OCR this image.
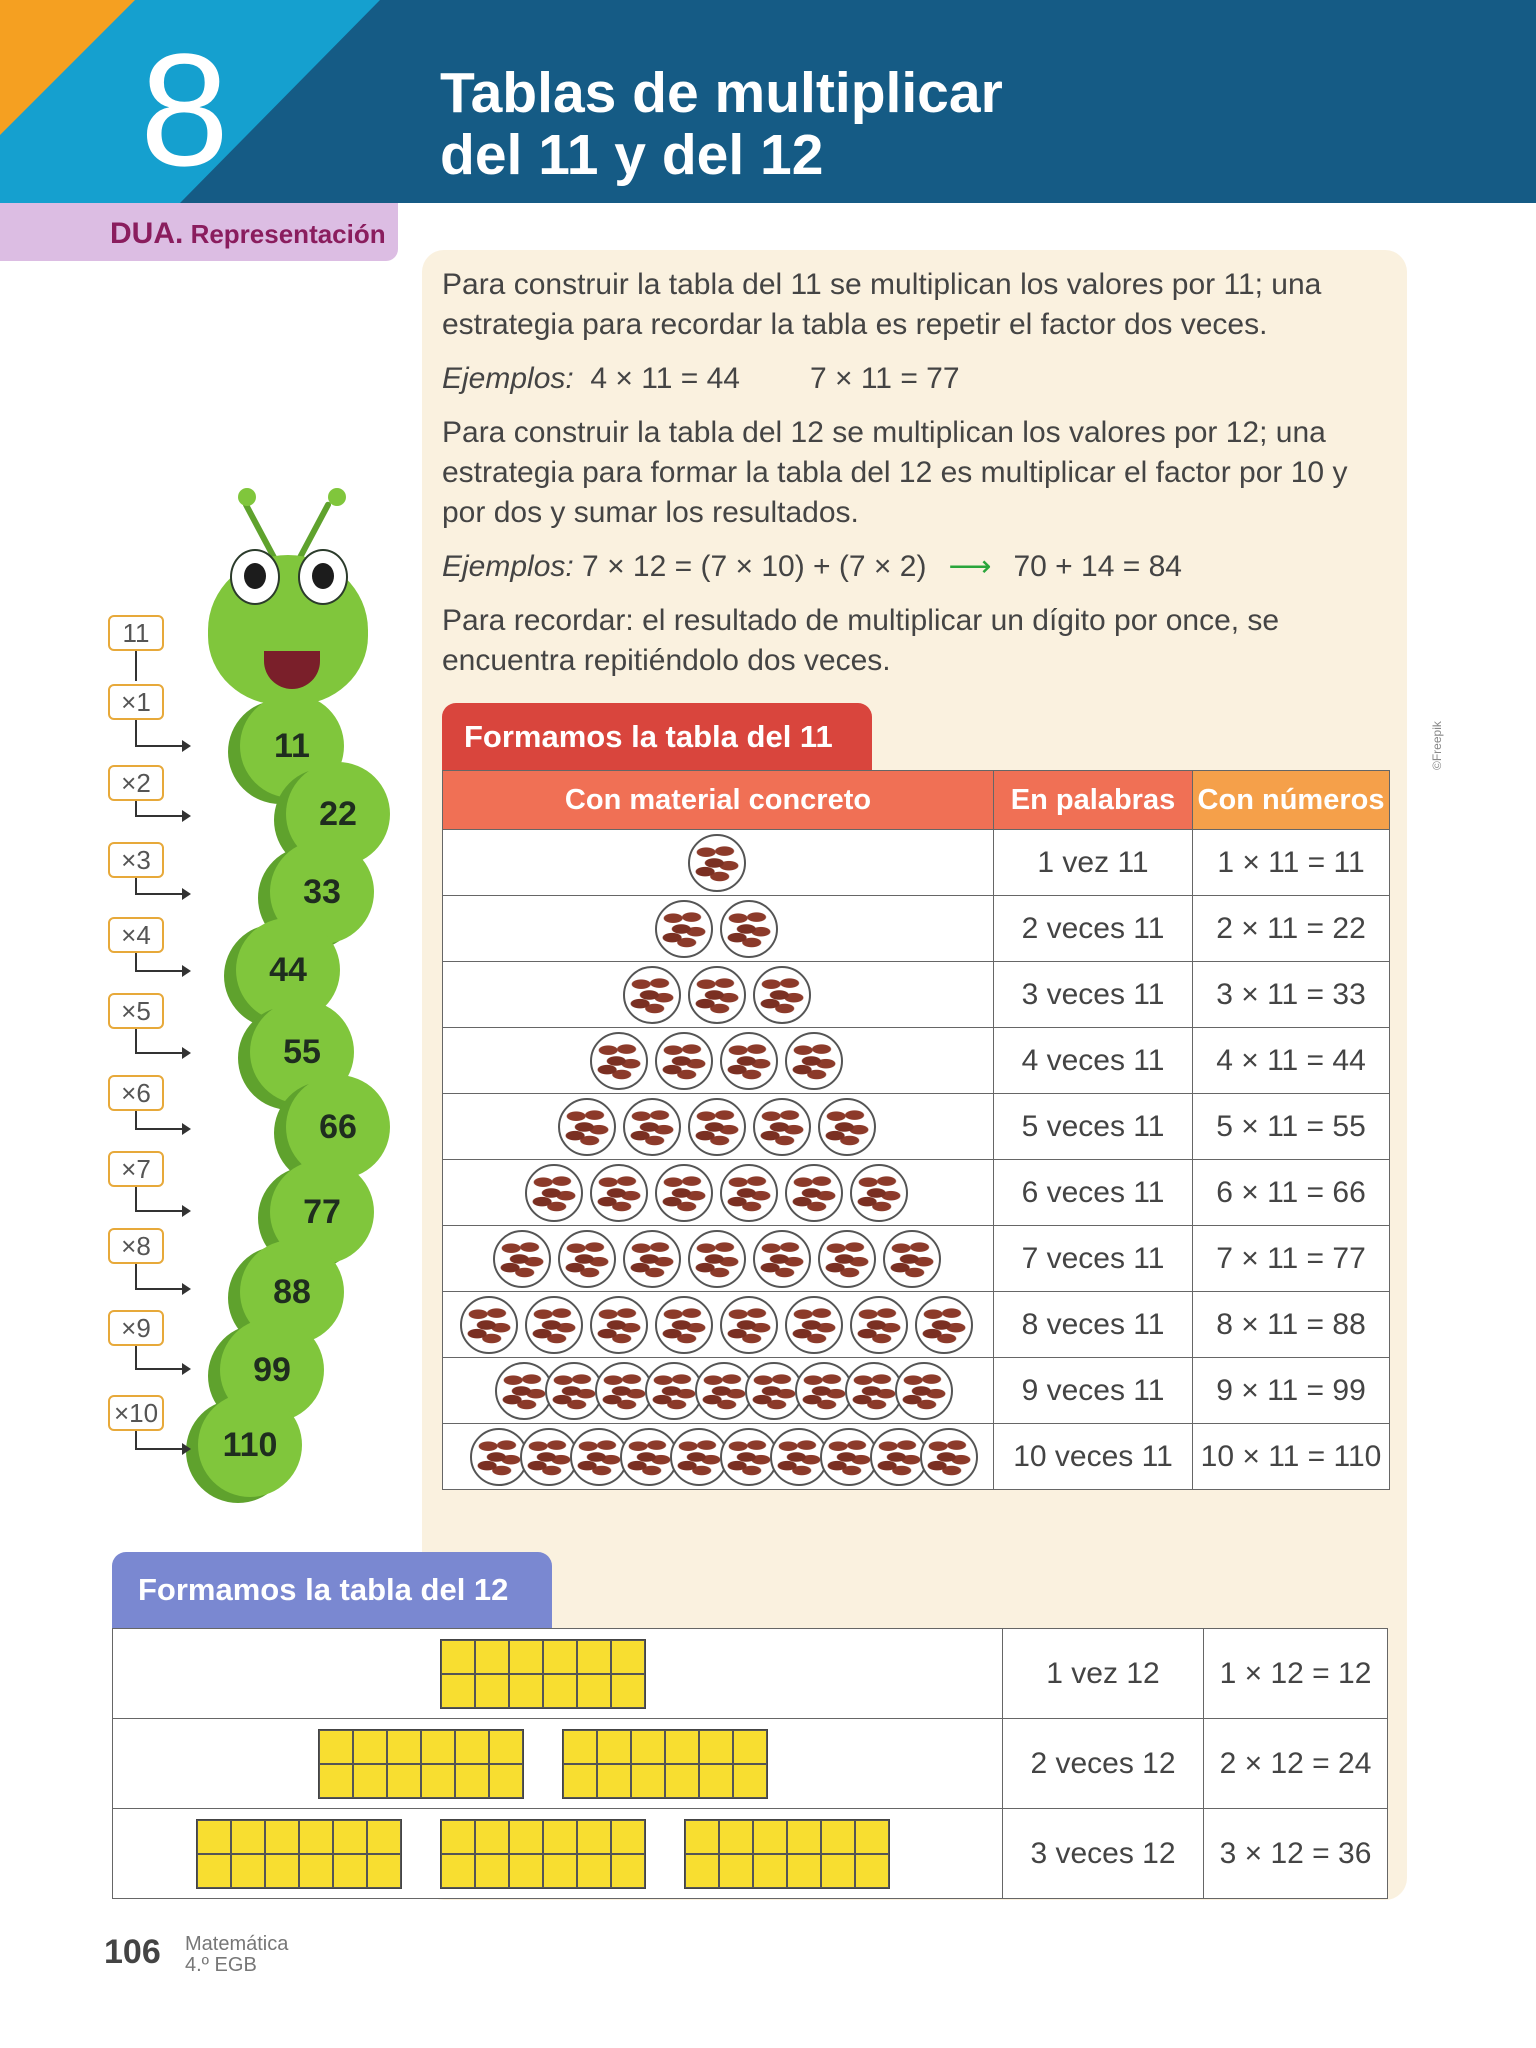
8	Tablas de multiplicar
del 11 y del 12
DUA. Representación

Para construir la tabla del 11 se multiplican los valores por 11; una estrategia para recordar la tabla es repetir el factor dos veces.

Ejemplos: 4 × 11 = 44 7 × 11 = 77

Para construir la tabla del 12 se multiplican los valores por 12; una estrategia para formar la tabla del 12 es multiplicar el factor por 10 y por dos y sumar los resultados.

Ejemplos: 7 × 12 = (7 × 10) + (7 × 2) ⟶ 70 + 14 = 84

Para recordar: el resultado de multiplicar un dígito por once, se encuentra repitiéndolo dos veces.

11
22
33
44
55
66
77
88
99
110
11
×1
×2
×3
×4
×5
×6
×7
×8
×9
×10
Formamos la tabla del 11
Con material concreto	En palabras	Con números
	1 vez 11	1 × 11 = 11
	2 veces 11	2 × 11 = 22
	3 veces 11	3 × 11 = 33
	4 veces 11	4 × 11 = 44
	5 veces 11	5 × 11 = 55
	6 veces 11	6 × 11 = 66
	7 veces 11	7 × 11 = 77
	8 veces 11	8 × 11 = 88
	9 veces 11	9 × 11 = 99
	10 veces 11	10 × 11 = 110
©Freepik
Formamos la tabla del 12
	1 vez 12	1 × 12 = 12

	2 veces 12	2 × 12 = 24

	3 veces 12	3 × 12 = 36
106 Matemática
4.º EGB
